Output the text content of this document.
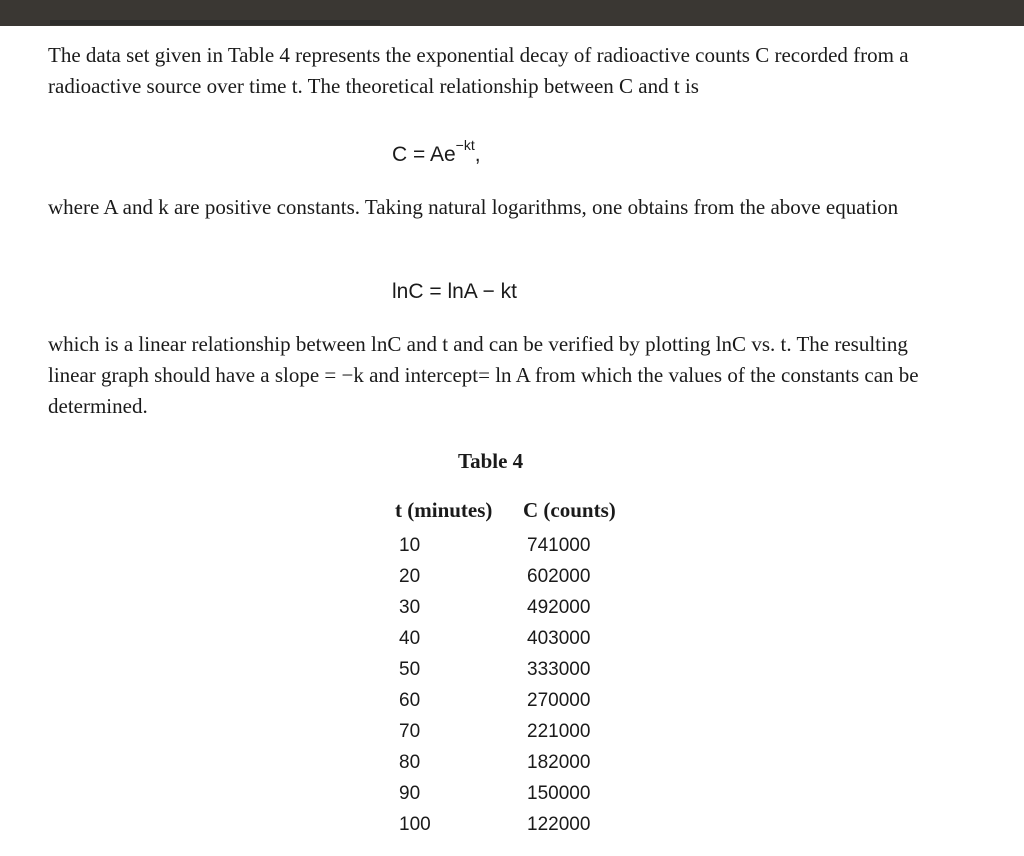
The data set given in Table 4 represents the exponential decay of radioactive counts C recorded from a radioactive source over time t. The theoretical relationship between C and t is

$C = Ae^{-kt}$,

where A and k are positive constants. Taking natural logarithms, one obtains from the above equation

lnC = lnA − kt

which is a linear relationship between lnC and t and can be verified by plotting lnC vs. t. The resulting linear graph should have a slope = −k and intercept= ln A from which the values of the constants can be determined.

Table 4
t (minutes)	C (counts)
10	741000
20	602000
30	492000
40	403000
50	333000
60	270000
70	221000
80	182000
90	150000
100	122000
